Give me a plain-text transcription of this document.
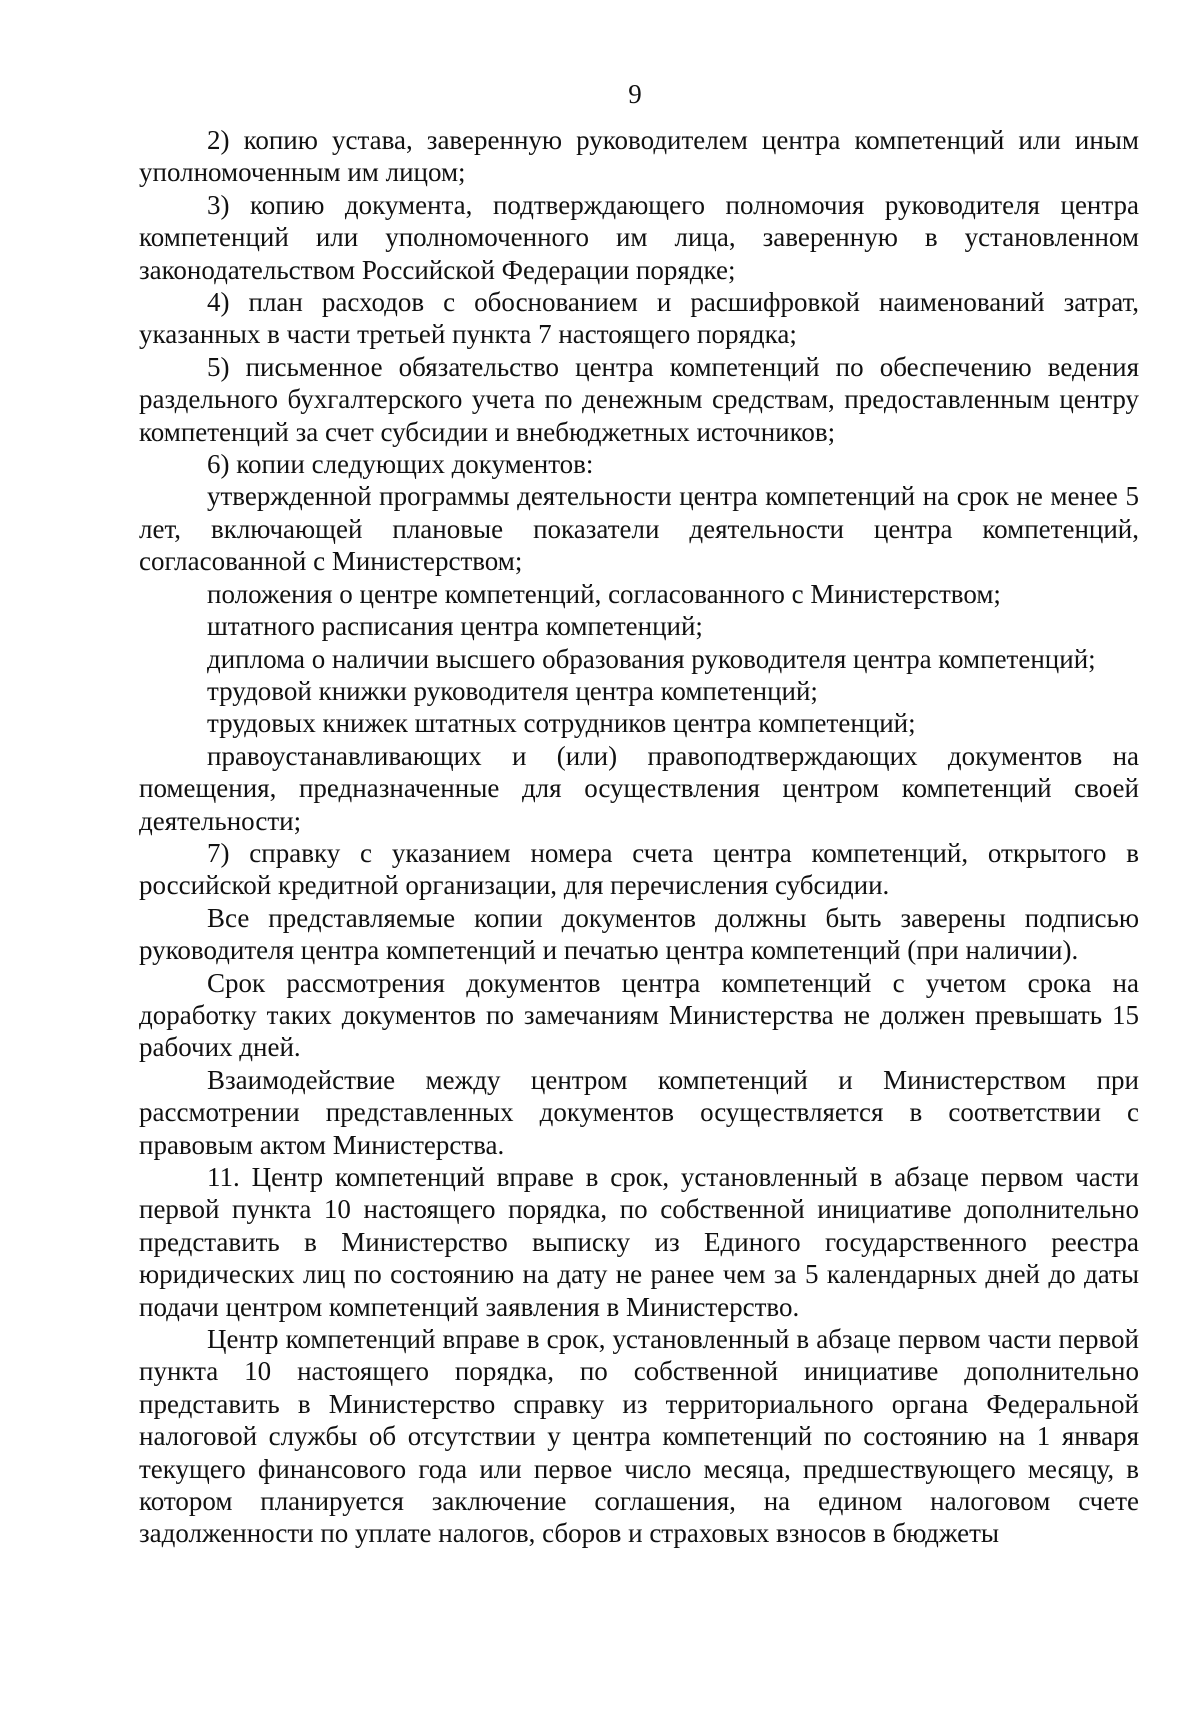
9

2) копию устава, заверенную руководителем центра компетенций или иным уполномоченным им лицом;

3) копию документа, подтверждающего полномочия руководителя центра компетенций или уполномоченного им лица, заверенную в установленном законодательством Российской Федерации порядке;

4) план расходов с обоснованием и расшифровкой наименований затрат, указанных в части третьей пункта 7 настоящего порядка;

5) письменное обязательство центра компетенций по обеспечению ведения раздельного бухгалтерского учета по денежным средствам, предоставленным центру компетенций за счет субсидии и внебюджетных источников;

6) копии следующих документов:

утвержденной программы деятельности центра компетенций на срок не менее 5 лет, включающей плановые показатели деятельности центра компетенций, согласованной с Министерством;

положения о центре компетенций, согласованного с Министерством;

штатного расписания центра компетенций;

диплома о наличии высшего образования руководителя центра компетенций;

трудовой книжки руководителя центра компетенций;

трудовых книжек штатных сотрудников центра компетенций;

правоустанавливающих и (или) правоподтверждающих документов на помещения, предназначенные для осуществления центром компетенций своей деятельности;

7) справку с указанием номера счета центра компетенций, открытого в российской кредитной организации, для перечисления субсидии.

Все представляемые копии документов должны быть заверены подписью руководителя центра компетенций и печатью центра компетенций (при наличии).

Срок рассмотрения документов центра компетенций с учетом срока на доработку таких документов по замечаниям Министерства не должен превышать 15 рабочих дней.

Взаимодействие между центром компетенций и Министерством при рассмотрении представленных документов осуществляется в соответствии с правовым актом Министерства.

11. Центр компетенций вправе в срок, установленный в абзаце первом части первой пункта 10 настоящего порядка, по собственной инициативе дополнительно представить в Министерство выписку из Единого государственного реестра юридических лиц по состоянию на дату не ранее чем за 5 календарных дней до даты подачи центром компетенций заявления в Министерство.

Центр компетенций вправе в срок, установленный в абзаце первом части первой пункта 10 настоящего порядка, по собственной инициативе дополнительно представить в Министерство справку из территориального органа Федеральной налоговой службы об отсутствии у центра компетенций по состоянию на 1 января текущего финансового года или первое число месяца, предшествующего месяцу, в котором планируется заключение соглашения, на едином налоговом счете задолженности по уплате налогов, сборов и страховых взносов в бюджеты
